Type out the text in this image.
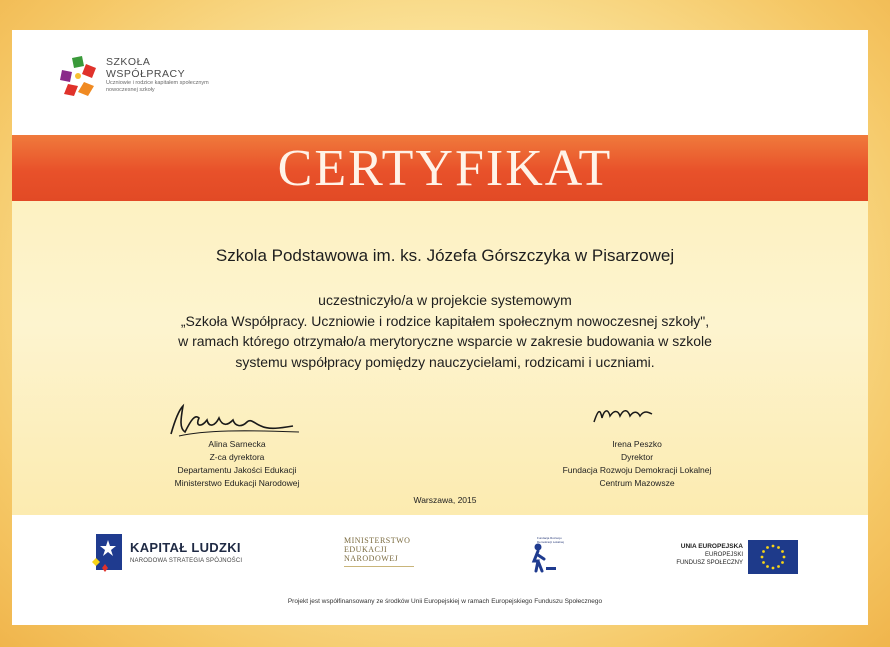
CERTYFIKAT
SZKOŁA
WSPÓŁPRACY
Uczniowie i rodzice kapitałem społecznym nowoczesnej szkoły
Szkola Podstawowa im. ks. Józefa Górszczyka w Pisarzowej
uczestniczyło/a w projekcie systemowym
„Szkoła Współpracy. Uczniowie i rodzice kapitałem społecznym nowoczesnej szkoły",
w ramach którego otrzymało/a merytoryczne wsparcie w zakresie budowania w szkole
systemu współpracy pomiędzy nauczycielami, rodzicami i uczniami.
Alina Sarnecka
Z-ca dyrektora
Departamentu Jakości Edukacji
Ministerstwo Edukacji Narodowej
Irena Peszko
Dyrektor
Fundacja Rozwoju Demokracji Lokalnej
Centrum Mazowsze
Warszawa, 2015
KAPITAŁ LUDZKI
NARODOWA STRATEGIA SPÓJNOŚCI
MINISTERSTWO
EDUKACJI
NARODOWEJ
Fundacja Rozwoju Demokracji Lokalnej
UNIA EUROPEJSKA
EUROPEJSKI
FUNDUSZ SPOŁECZNY
Projekt jest współfinansowany ze środków Unii Europejskiej w ramach Europejskiego Funduszu Społecznego
